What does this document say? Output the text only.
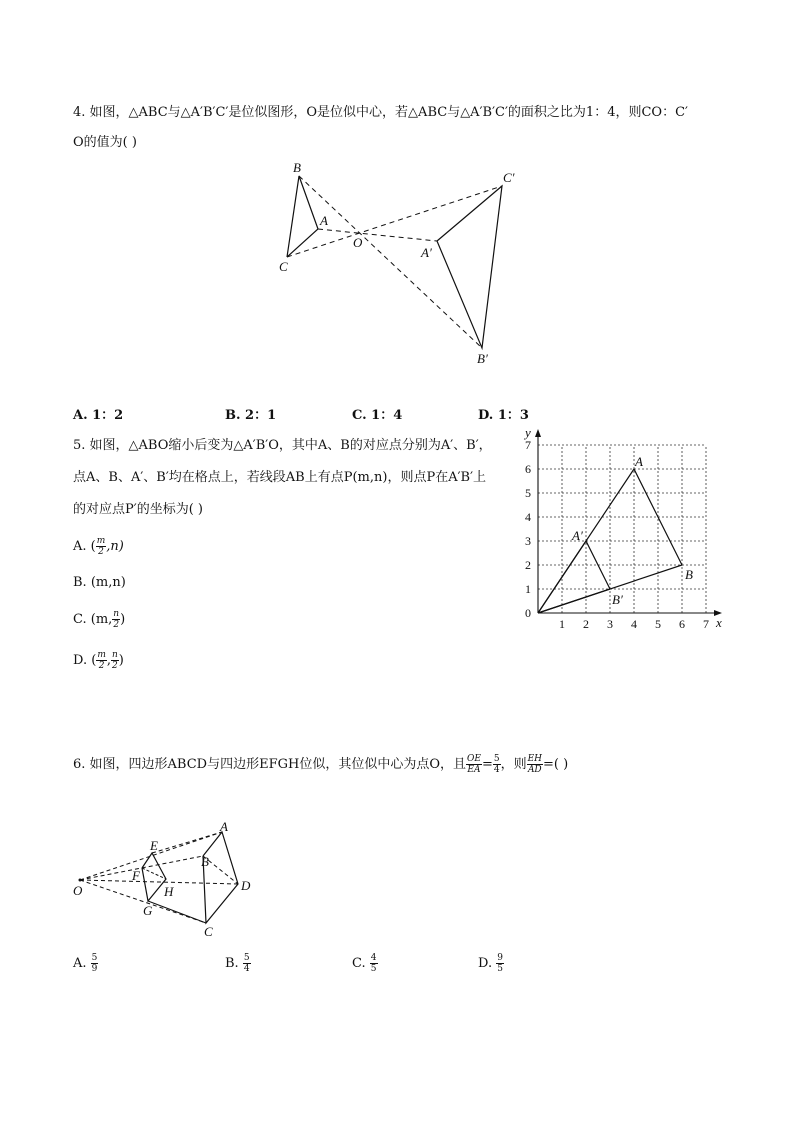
4. 如图，△ABC与△A′B′C′是位似图形，O是位似中心，若△ABC与△A′B′C′的面积之比为1：4，则CO：C′
O的值为( )
B
A
C
O
A′
C′
B′
A. 1：2	B. 2：1	C. 1：4	D. 1：3
5. 如图，△ABO缩小后变为△A′B′O，其中A、B的对应点分别为A′、B′，
点A、B、A′、B′均在格点上，若线段AB上有点P(m,n)，则点P在A′B′上
的对应点P′的坐标为( )
A. ( $\frac{m}{2} ,n$)
B. (m,n)
C. (m, $\frac{n}{2}$ )
D. ( $\frac{m}{2}$ , $\frac{n}{2}$ )
1 2 3 4 5 6 7
1
2
3
4
5
6
7
0
x
y
A
B
A′
B′
6. 如图，四边形ABCD与四边形EFGH位似，其位似中心为点O，且 $\frac{OE}{EA} = \frac{5}{4}$ ，则 $\frac{EH}{AD}$ =( )
O
E
F
G
H
A
B
C
D
A. $\frac{5}{9}$	B. $\frac{5}{4}$	C. $\frac{4}{5}$	D. $\frac{9}{5}$
